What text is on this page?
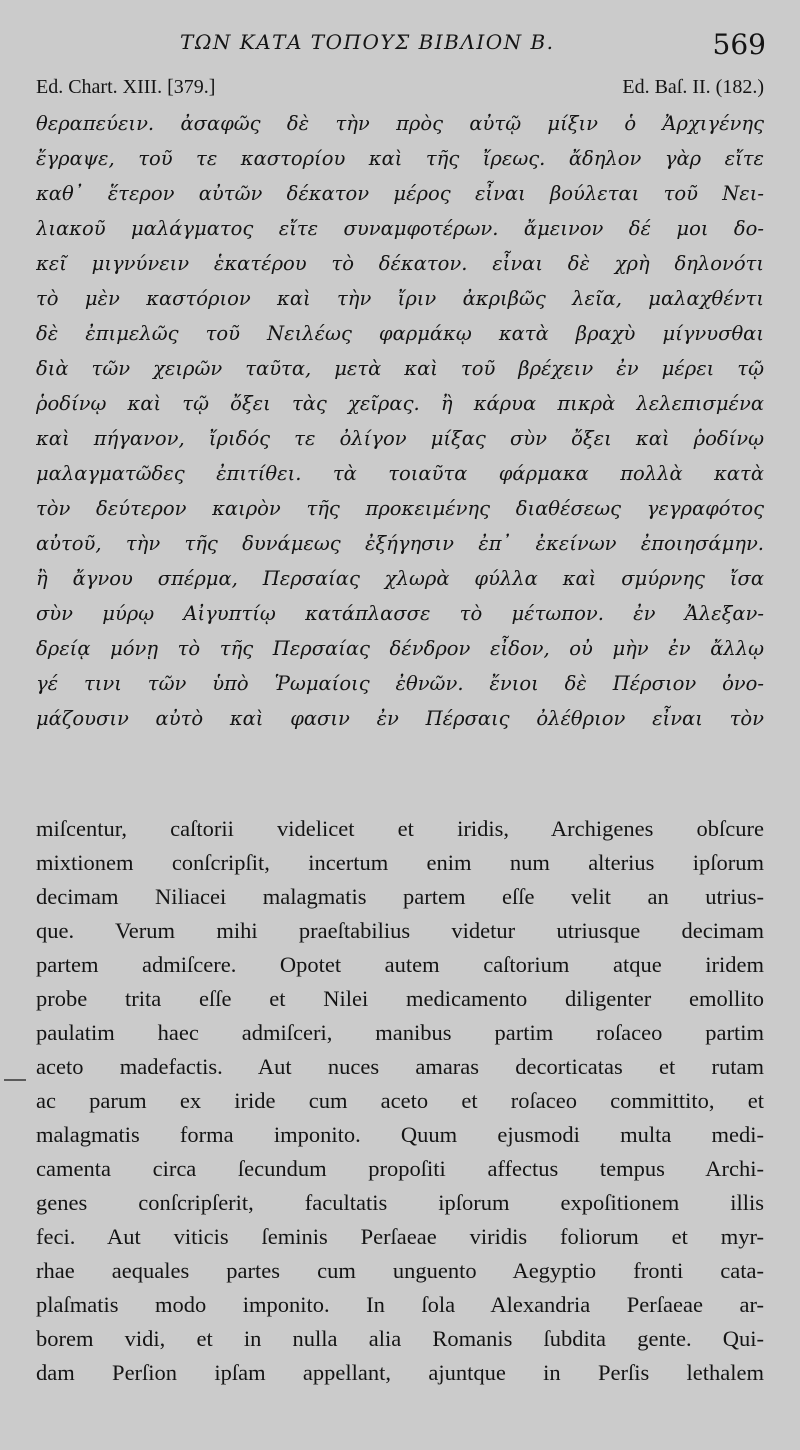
ΤΩΝ ΚΑΤΑ ΤΟΠΟΥΣ ΒΙΒΛΙΟΝ Β.	569
Ed. Chart. XIII. [379.]	Ed. Baſ. II. (182.)
θεραπεύειν. ἀσαφῶς δὲ τὴν πρὸς αὐτῷ μίξιν ὁ Ἀρχιγένης
ἔγραψε, τοῦ τε καστορίου καὶ τῆς ἴρεως. ἄδηλον γὰρ εἴτε
καθ᾽ ἕτερον αὐτῶν δέκατον μέρος εἶναι βούλεται τοῦ Νει-
λιακοῦ μαλάγματος εἴτε συναμφοτέρων. ἄμεινον δέ μοι δο-
κεῖ μιγνύνειν ἑκατέρου τὸ δέκατον. εἶναι δὲ χρὴ δηλονότι
τὸ μὲν καστόριον καὶ τὴν ἴριν ἀκριβῶς λεῖα, μαλαχθέντι
δὲ ἐπιμελῶς τοῦ Νειλέως φαρμάκῳ κατὰ βραχὺ μίγνυσθαι
διὰ τῶν χειρῶν ταῦτα, μετὰ καὶ τοῦ βρέχειν ἐν μέρει τῷ
ῥοδίνῳ καὶ τῷ ὄξει τὰς χεῖρας. ἢ κάρυα πικρὰ λελεπισμένα
καὶ πήγανον, ἴριδός τε ὀλίγον μίξας σὺν ὄξει καὶ ῥοδίνῳ
μαλαγματῶδες ἐπιτίθει. τὰ τοιαῦτα φάρμακα πολλὰ κατὰ
τὸν δεύτερον καιρὸν τῆς προκειμένης διαθέσεως γεγραφότος
αὐτοῦ, τὴν τῆς δυνάμεως ἐξήγησιν ἐπ᾽ ἐκείνων ἐποιησάμην.
ἢ ἄγνου σπέρμα, Περσαίας χλωρὰ φύλλα καὶ σμύρνης ἴσα
σὺν μύρῳ Αἰγυπτίῳ κατάπλασσε τὸ μέτωπον. ἐν Ἀλεξαν-
δρείᾳ μόνῃ τὸ τῆς Περσαίας δένδρον εἶδον, οὐ μὴν ἐν ἄλλῳ
γέ τινι τῶν ὑπὸ Ῥωμαίοις ἐθνῶν. ἔνιοι δὲ Πέρσιον ὀνο-
μάζουσιν αὐτὸ καὶ φασιν ἐν Πέρσαις ὀλέθριον εἶναι τὸν
miſcentur, caſtorii videlicet et iridis, Archigenes obſcure
mixtionem conſcripſit, incertum enim num alterius ipſorum
decimam Niliacei malagmatis partem eſſe velit an utrius-
que. Verum mihi praeſtabilius videtur utriusque decimam
partem admiſcere. Opotet autem caſtorium atque iridem
probe trita eſſe et Nilei medicamento diligenter emollito
paulatim haec admiſceri, manibus partim roſaceo partim
aceto madefactis. Aut nuces amaras decorticatas et rutam
ac parum ex iride cum aceto et roſaceo committito, et
malagmatis forma imponito. Quum ejusmodi multa medi-
camenta circa ſecundum propoſiti affectus tempus Archi-
genes conſcripſerit, facultatis ipſorum expoſitionem illis
feci. Aut viticis ſeminis Perſaeae viridis foliorum et myr-
rhae aequales partes cum unguento Aegyptio fronti cata-
plaſmatis modo imponito. In ſola Alexandria Perſaeae ar-
borem vidi, et in nulla alia Romanis ſubdita gente. Qui-
dam Perſion ipſam appellant, ajuntque in Perſis lethalem
